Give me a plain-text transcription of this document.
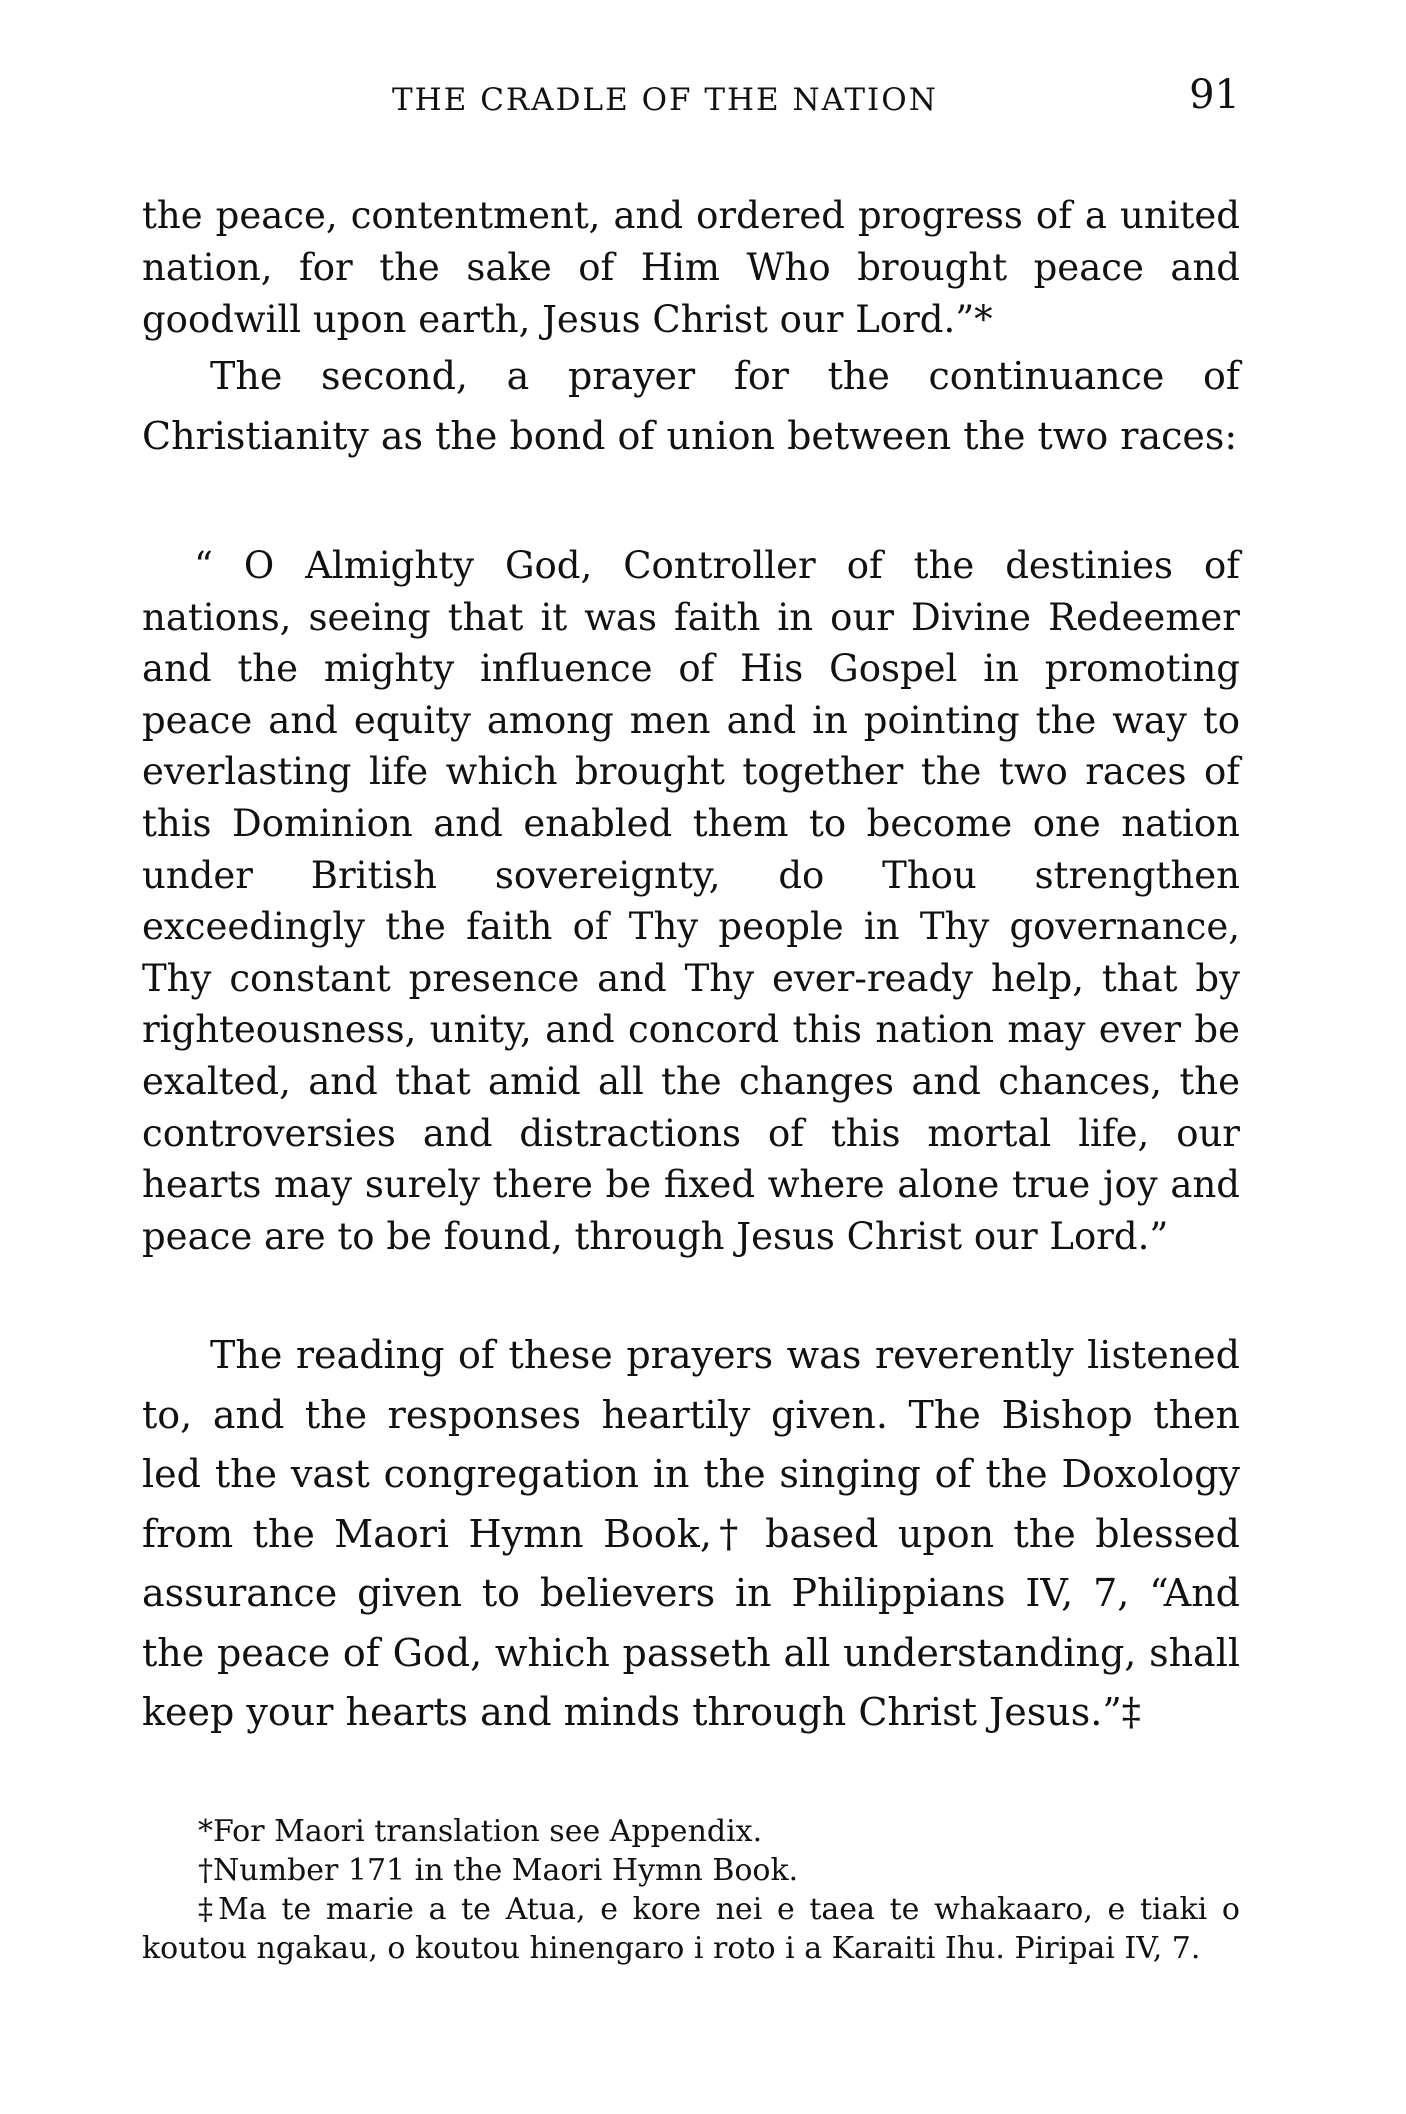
THE CRADLE OF THE NATION	91

the peace, contentment, and ordered progress of a united nation, for the sake of Him Who brought peace and goodwill upon earth, Jesus Christ our Lord.”*

The second, a prayer for the continuance of Christianity as the bond of union between the two races:

“ O Almighty God, Controller of the destinies of nations, seeing that it was faith in our Divine Redeemer and the mighty influence of His Gospel in promoting peace and equity among men and in pointing the way to everlasting life which brought together the two races of this Dominion and enabled them to become one nation under British sovereignty, do Thou strengthen exceedingly the faith of Thy people in Thy governance, Thy constant presence and Thy ever-ready help, that by righteousness, unity, and concord this nation may ever be exalted, and that amid all the changes and chances, the controversies and distractions of this mortal life, our hearts may surely there be fixed where alone true joy and peace are to be found, through Jesus Christ our Lord.”

The reading of these prayers was reverently listened to, and the responses heartily given. The Bishop then led the vast congregation in the singing of the Doxology from the Maori Hymn Book,† based upon the blessed assurance given to believers in Philippians IV, 7, “And the peace of God, which passeth all understanding, shall keep your hearts and minds through Christ Jesus.”‡

*For Maori translation see Appendix.

†Number 171 in the Maori Hymn Book.

‡Ma te marie a te Atua, e kore nei e taea te whakaaro, e tiaki o koutou ngakau, o koutou hinengaro i roto i a Karaiti Ihu. Piripai IV, 7.
